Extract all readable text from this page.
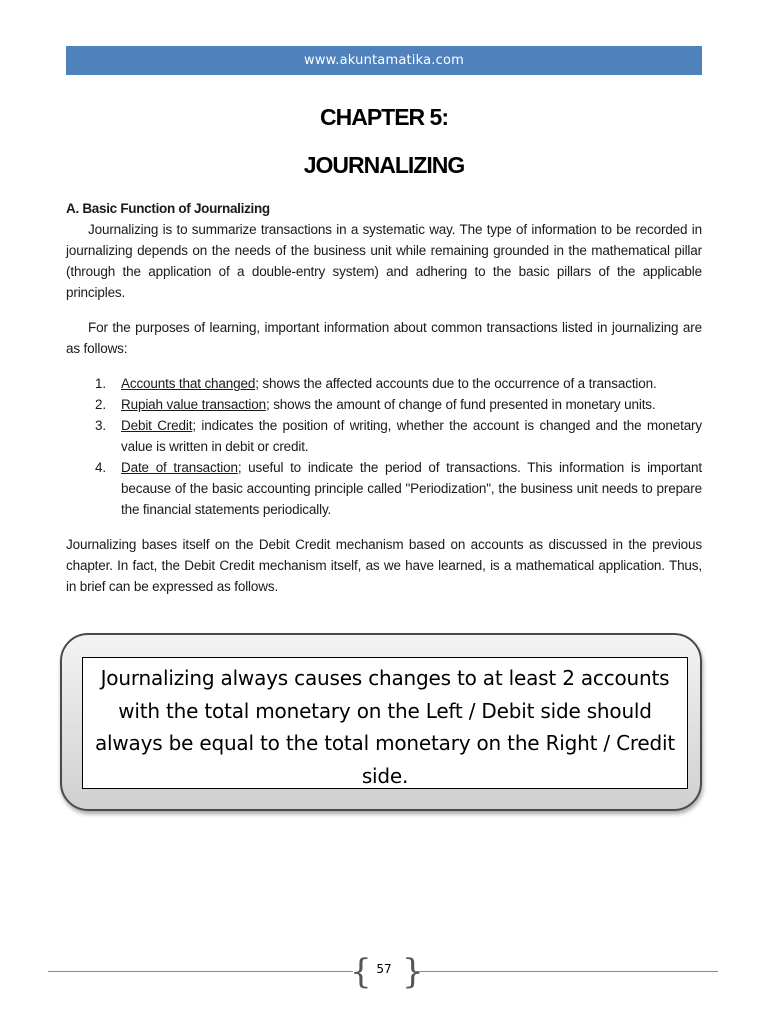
www.akuntamatika.com
CHAPTER 5:
JOURNALIZING
A. Basic Function of Journalizing
Journalizing is to summarize transactions in a systematic way. The type of information to be recorded in journalizing depends on the needs of the business unit while remaining grounded in the mathematical pillar (through the application of a double-entry system) and adhering to the basic pillars of the applicable principles.
For the purposes of learning, important information about common transactions listed in journalizing are as follows:
1. Accounts that changed; shows the affected accounts due to the occurrence of a transaction.
2. Rupiah value transaction; shows the amount of change of fund presented in monetary units.
3. Debit Credit; indicates the position of writing, whether the account is changed and the monetary value is written in debit or credit.
4. Date of transaction; useful to indicate the period of transactions. This information is important because of the basic accounting principle called "Periodization", the business unit needs to prepare the financial statements periodically.
Journalizing bases itself on the Debit Credit mechanism based on accounts as discussed in the previous chapter. In fact, the Debit Credit mechanism itself, as we have learned, is a mathematical application. Thus, in brief can be expressed as follows.
Journalizing always causes changes to at least 2 accounts with the total monetary on the Left / Debit side should always be equal to the total monetary on the Right / Credit side.
{ }
57
